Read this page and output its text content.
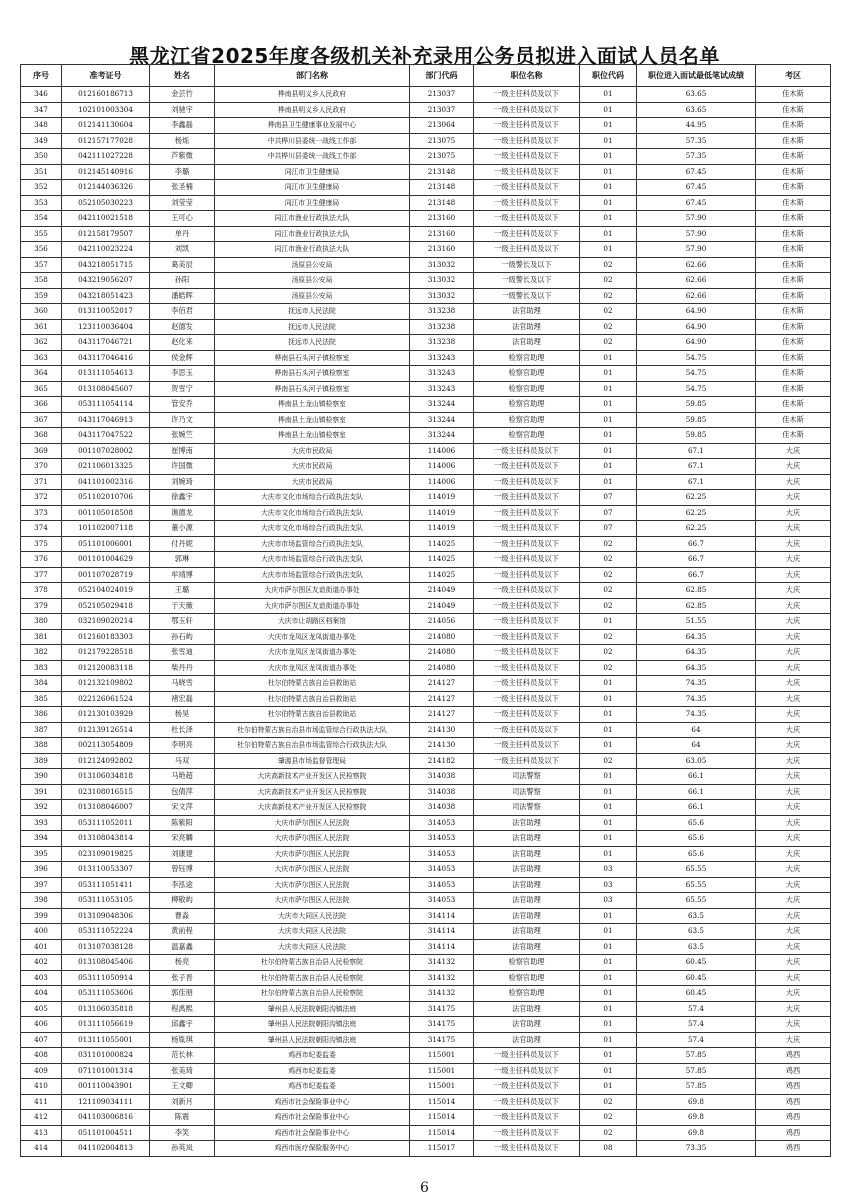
黑龙江省2025年度各级机关补充录用公务员拟进入面试人员名单
序号	准考证号	姓名	部门名称	部门代码	职位名称	职位代码	职位进入面试最低笔试成绩	考区
346	012160186713	金芸竹	桦南县明义乡人民政府	213037	一级主任科员及以下	01	63.65	佳木斯
347	102101003304	刘驰宇	桦南县明义乡人民政府	213037	一级主任科员及以下	01	63.65	佳木斯
348	012141130604	李鑫磊	桦南县卫生健康事业发展中心	213064	一级主任科员及以下	01	44.95	佳木斯
349	012157177028	杨烁	中共桦川县委统一战线工作部	213075	一级主任科员及以下	01	57.35	佳木斯
350	042111027228	芦紫微	中共桦川县委统一战线工作部	213075	一级主任科员及以下	01	57.35	佳木斯
351	012145140916	李璐	同江市卫生健康局	213148	一级主任科员及以下	01	67.45	佳木斯
352	012144036326	张圣楠	同江市卫生健康局	213148	一级主任科员及以下	01	67.45	佳木斯
353	052105030223	刘莹莹	同江市卫生健康局	213148	一级主任科员及以下	01	67.45	佳木斯
354	042110021518	王可心	同江市渔业行政执法大队	213160	一级主任科员及以下	01	57.90	佳木斯
355	012158179507	单丹	同江市渔业行政执法大队	213160	一级主任科员及以下	01	57.90	佳木斯
356	042110023224	刘凯	同江市渔业行政执法大队	213160	一级主任科员及以下	01	57.90	佳木斯
357	043218051715	葛美辰	汤原县公安局	313032	一级警长及以下	02	62.66	佳木斯
358	043219056207	孙阳	汤原县公安局	313032	一级警长及以下	02	62.66	佳木斯
359	043218051423	潘皓晖	汤原县公安局	313032	一级警长及以下	02	62.66	佳木斯
360	013110052017	李佰君	抚远市人民法院	313238	法官助理	02	64.90	佳木斯
361	123110036404	赵德发	抚远市人民法院	313238	法官助理	02	64.90	佳木斯
362	043117046721	赵化来	抚远市人民法院	313238	法官助理	02	64.90	佳木斯
363	043117046416	侯金辉	桦南县石头河子镇检察室	313243	检察官助理	01	54.75	佳木斯
364	013111054613	李思玉	桦南县石头河子镇检察室	313243	检察官助理	01	54.75	佳木斯
365	013108045607	贺雪宁	桦南县石头河子镇检察室	313243	检察官助理	01	54.75	佳木斯
366	053111054114	管安乔	桦南县土龙山镇检察室	313244	检察官助理	01	59.85	佳木斯
367	043117046913	许乃文	桦南县土龙山镇检察室	313244	检察官助理	01	59.85	佳木斯
368	043117047522	张婉竺	桦南县土龙山镇检察室	313244	检察官助理	01	59.85	佳木斯
369	001107028002	崔博南	大庆市民政局	114006	一级主任科员及以下	01	67.1	大庆
370	021106013325	许国微	大庆市民政局	114006	一级主任科员及以下	01	67.1	大庆
371	041101002316	刘婉琦	大庆市民政局	114006	一级主任科员及以下	01	67.1	大庆
372	051102010706	徐鑫宇	大庆市文化市场综合行政执法支队	114019	一级主任科员及以下	07	62.25	大庆
373	001105018508	谯德龙	大庆市文化市场综合行政执法支队	114019	一级主任科员及以下	07	62.25	大庆
374	101102007118	董小源	大庆市文化市场综合行政执法支队	114019	一级主任科员及以下	07	62.25	大庆
375	051101006001	付丹妮	大庆市市场监管综合行政执法支队	114025	一级主任科员及以下	02	66.7	大庆
376	001101004629	郭琳	大庆市市场监管综合行政执法支队	114025	一级主任科员及以下	02	66.7	大庆
377	001107028719	牟靖博	大庆市市场监管综合行政执法支队	114025	一级主任科员及以下	02	66.7	大庆
378	052104024019	王璐	大庆市萨尔图区友谊街道办事处	214049	一级主任科员及以下	02	62.85	大庆
379	052105029418	于天薇	大庆市萨尔图区友谊街道办事处	214049	一级主任科员及以下	02	62.85	大庆
380	032109020214	鄂玉轩	大庆市让胡路区档案馆	214056	一级主任科员及以下	01	51.55	大庆
381	012160183303	孙石屿	大庆市龙凤区龙凤街道办事处	214080	一级主任科员及以下	02	64.35	大庆
382	012179228518	张雪迪	大庆市龙凤区龙凤街道办事处	214080	一级主任科员及以下	02	64.35	大庆
383	012120083118	柴丹丹	大庆市龙凤区龙凤街道办事处	214080	一级主任科员及以下	02	64.35	大庆
384	012132109802	马晓雪	杜尔伯特蒙古族自治县救助站	214127	一级主任科员及以下	01	74.35	大庆
385	022126061524	褚宏磊	杜尔伯特蒙古族自治县救助站	214127	一级主任科员及以下	01	74.35	大庆
386	012130103929	杨昊	杜尔伯特蒙古族自治县救助站	214127	一级主任科员及以下	01	74.35	大庆
387	012139126514	杜长泽	杜尔伯特蒙古族自治县市场监管综合行政执法大队	214130	一级主任科员及以下	01	64	大庆
388	002113054809	李明亮	杜尔伯特蒙古族自治县市场监管综合行政执法大队	214130	一级主任科员及以下	01	64	大庆
389	012124092802	马双	肇源县市场监督管理局	214182	一级主任科员及以下	02	63.05	大庆
390	013106034818	马艳超	大庆高新技术产业开发区人民检察院	314038	司法警察	01	66.1	大庆
391	023108016515	包倩萍	大庆高新技术产业开发区人民检察院	314038	司法警察	01	66.1	大庆
392	013108046007	宋文萍	大庆高新技术产业开发区人民检察院	314038	司法警察	01	66.1	大庆
393	053111052011	陈紫阳	大庆市萨尔图区人民法院	314053	法官助理	01	65.6	大庆
394	013108043814	宋亮麟	大庆市萨尔图区人民法院	314053	法官助理	01	65.6	大庆
395	023109019825	刘康建	大庆市萨尔图区人民法院	314053	法官助理	01	65.6	大庆
396	013110053307	曾钰博	大庆市萨尔图区人民法院	314053	法官助理	03	65.55	大庆
397	053111051411	李泓途	大庆市萨尔图区人民法院	314053	法官助理	03	65.55	大庆
398	053111053105	柳敬屿	大庆市萨尔图区人民法院	314053	法官助理	03	65.55	大庆
399	013109048306	曹淼	大庆市大同区人民法院	314114	法官助理	01	63.5	大庆
400	053111052224	黄前程	大庆市大同区人民法院	314114	法官助理	01	63.5	大庆
401	013107038128	温嘉鑫	大庆市大同区人民法院	314114	法官助理	01	63.5	大庆
402	013108045406	杨亮	杜尔伯特蒙古族自治县人民检察院	314132	检察官助理	01	60.45	大庆
403	053111050914	张子晋	杜尔伯特蒙古族自治县人民检察院	314132	检察官助理	01	60.45	大庆
404	053111053606	郭佳朋	杜尔伯特蒙古族自治县人民检察院	314132	检察官助理	01	60.45	大庆
405	013106035818	程禹熙	肇州县人民法院朝阳沟镇法庭	314175	法官助理	01	57.4	大庆
406	013111056619	邱鑫宇	肇州县人民法院朝阳沟镇法庭	314175	法官助理	01	57.4	大庆
407	013111055001	杨胤琪	肇州县人民法院朝阳沟镇法庭	314175	法官助理	01	57.4	大庆
408	031101000824	范长林	鸡西市纪委监委	115001	一级主任科员及以下	01	57.85	鸡西
409	071101001314	张美琦	鸡西市纪委监委	115001	一级主任科员及以下	01	57.85	鸡西
410	001110043901	王文卿	鸡西市纪委监委	115001	一级主任科员及以下	01	57.85	鸡西
411	121109034111	刘新月	鸡西市社会保险事业中心	115014	一级主任科员及以下	02	69.8	鸡西
412	041103006816	陈震	鸡西市社会保险事业中心	115014	一级主任科员及以下	02	69.8	鸡西
413	051101004511	李笑	鸡西市社会保险事业中心	115014	一级主任科员及以下	02	69.8	鸡西
414	041102004813	孙英岚	鸡西市医疗保险服务中心	115017	一级主任科员及以下	08	73.35	鸡西
6
